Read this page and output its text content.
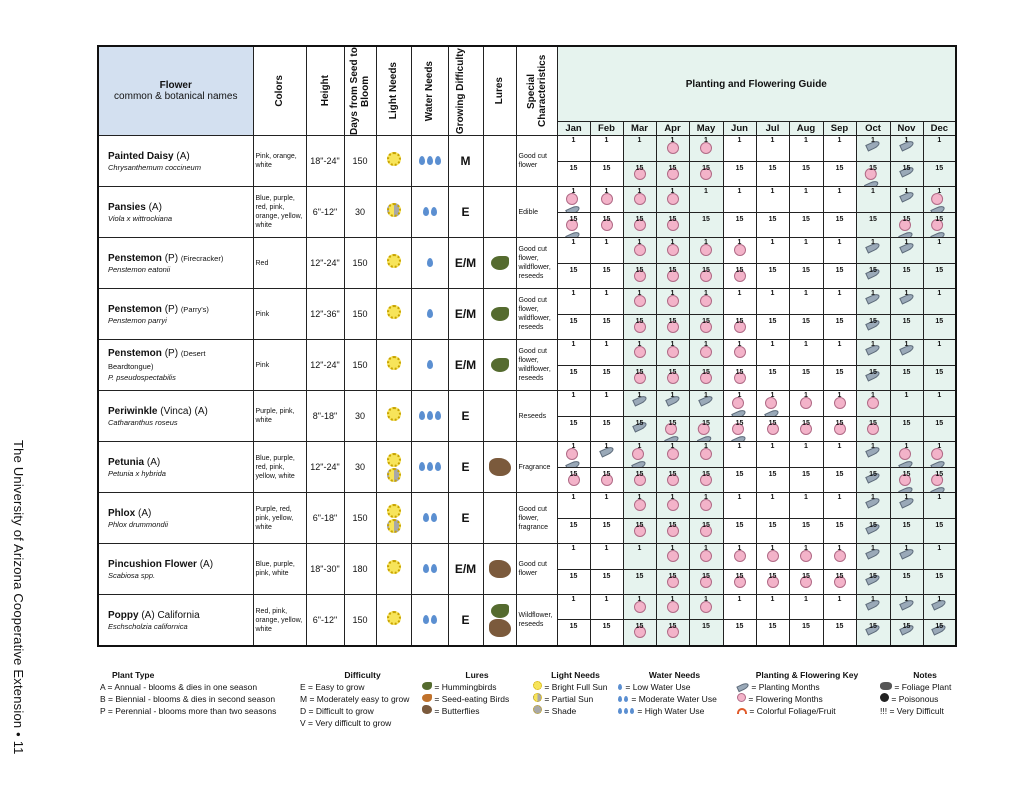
The University of Arizona Cooperative Extension • 11
Flower
common & botanical names	Colors	Height	Days from Seed to Bloom	Light Needs	Water Needs	Growing Difficulty	Lures	Special Characteristics	Planting and Flowering Guide											
									Jan	Feb	Mar	Apr	May	Jun	Jul	Aug	Sep	Oct	Nov	Dec

Painted Daisy (A)
Chrysanthemum coccineum	Pink, orange, white	18"-24"	150			M		Good cut flower	1	1	1	1	1	1	1	1	1	1	1	1

									15	15	15	15	15	15	15	15	15	15	15	15

Pansies (A)
Viola x wittrockiana	Blue, purple, red, pink, orange, yellow, white	6"-12"	30			E		Edible	1	1	1	1	1	1	1	1	1	1	1	1

									15	15	15	15	15	15	15	15	15	15	15	15

Penstemon (P) (Firecracker)
Penstemon eatonii	Red	12"-24"	150			E/M		Good cut flower, wildflower, reseeds	1	1	1	1	1	1	1	1	1	1	1	1

									15	15	15	15	15	15	15	15	15	15	15	15

Penstemon (P) (Parry's)
Penstemon parryi	Pink	12"-36"	150			E/M		Good cut flower, wildflower, reseeds	1	1	1	1	1	1	1	1	1	1	1	1

									15	15	15	15	15	15	15	15	15	15	15	15

Penstemon (P) (Desert Beardtongue)
P. pseudospectabilis	Pink	12"-24"	150			E/M		Good cut flower, wildflower, reseeds	1	1	1	1	1	1	1	1	1	1	1	1

									15	15	15	15	15	15	15	15	15	15	15	15

Periwinkle (Vinca) (A)
Catharanthus roseus	Purple, pink, white	8"-18"	30			E		Reseeds	1	1	1	1	1	1	1	1	1	1	1	1

									15	15	15	15	15	15	15	15	15	15	15	15

Petunia (A)
Petunia x hybrida	Blue, purple, red, pink, yellow, white	12"-24"	30			E		Fragrance	1	1	1	1	1	1	1	1	1	1	1	1

									15	15	15	15	15	15	15	15	15	15	15	15

Phlox (A)
Phlox drummondii	Purple, red, pink, yellow, white	6"-18"	150			E		Good cut flower, fragrance	1	1	1	1	1	1	1	1	1	1	1	1

									15	15	15	15	15	15	15	15	15	15	15	15

Pincushion Flower (A)
Scabiosa spp.	Blue, purple, pink, white	18"-30"	180			E/M		Good cut flower	1	1	1	1	1	1	1	1	1	1	1	1

									15	15	15	15	15	15	15	15	15	15	15	15

Poppy (A) California
Eschscholzia californica	Red, pink, orange, yellow, white	6"-12"	150			E		Wildflower, reseeds	1	1	1	1	1	1	1	1	1	1	1	1

									15	15	15	15	15	15	15	15	15	15	15	15
Plant Type
A = Annual - blooms & dies in one season
B = Biennial - blooms & dies in second season
P = Perennial - blooms more than two seasons
Difficulty
E = Easy to grow
M = Moderately easy to grow
D = Difficult to grow
V = Very difficult to grow
Lures
= Hummingbirds
= Seed-eating Birds
= Butterflies
Light Needs
= Bright Full Sun
= Partial Sun
= Shade
Water Needs
= Low Water Use
= Moderate Water Use
= High Water Use
Planting & Flowering Key
= Planting Months
= Flowering Months
= Colorful Foliage/Fruit
Notes
= Foliage Plant
= Poisonous
!!! = Very Difficult
